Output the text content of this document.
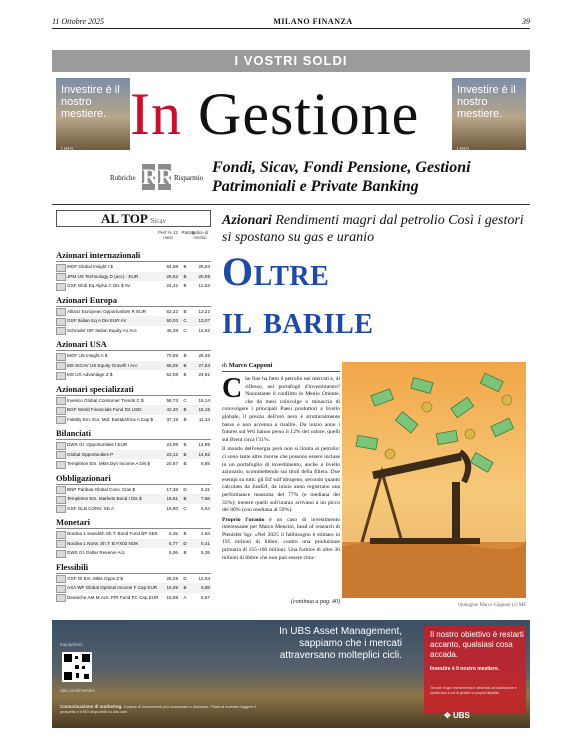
11 Ottobre 2025	MILANO FINANZA	39
I VOSTRI SOLDI
Investire è il nostro mestiere.
UBS
Investire è il nostro mestiere.
UBS
In Gestione
Rubriche R R Risparmio
Fondi, Sicav, Fondi Pensione, Gestioni Patrimoniali e Private Banking
AL TOP Sicav
Perf % 12 mesi
Rating
Indice di rischio
Azionari internazionali
MGF Global Insight I $	64,98	B	26,63
JPM US Technology D (acc) - EUR	26,62	B	20,59
GSF Glob Eq Alpha C Dis $ AV	24,42	B	12,62
Azionari Europa
Allianz European Opportunities R EUR	62,22	B	12,22
GSF Italian Eq A Dis EUR AV	50,03	C	13,07
Schroder ISF Italian Equity A1 Acc	45,38	C	12,62
Azionari USA
MGF US Insight A $	70,89	B	28,45
MS SICAV US Equity Growth I Acc	66,05	B	27,63
MS US Advantage Z $	52,08	B	24,81
Azionari specializzati
Invesco Global Consumer Trends C $	58,73	C	19,14
BGF World Financials Fund D2 USD	42,20	B	15,15
Fidelity Em. Eur. Mid. East&Africa A Cap $	37,19	B	11,34
Bilanciati
DWS Gr. Opportunities I EUR	23,99	B	14,85
Global Opportunities P	23,12	B	14,82
Templeton Em. Mkts Dyn Income A Dis $	20,67	B	8,85
Obbligazionari
BNP Paribas Global Conv. Clas $	17,38	D	5,31
Templeton Em. Markets Bond I Dis $	16,81	B	7,66
GSF GLB CONV. SD A	16,80	C	5,54
Monetari
Nordea 1 Swedish Sh.T. Bond Fund BP SEK	6,45	B	4,84
Nordea 1 Norw. Sh.T. B FX02 NOK	5,77	D	0,41
DWS Gl. Dollar Reserve Acc	5,06	B	5,35
Flessibili
GSF Gl Em. Mkts Opps Z $	25,29	D	12,54
AXA WF Global Optimal Income F Cap EUR	16,05	B	6,98
Deutsche AM M.Acs. P/R Fund FC Cap EUR	15,68	A	5,67
Azionari Rendimenti magri dal petrolio Così i gestori si spostano su gas e uranio
Oltre
il barile
di Marco Capponi

Che fine ha fatto il petrolio nei mercati e, di riflesso, nei portafogli d'investimento? Nonostante il conflitto in Medio Oriente, che da mesi coinvolge o minaccia di coinvolgere i principali Paesi produttori a livello globale, il prezzo dell'oro nero è strutturalmente basso e non accenna a risalire. Da inizio anno i futures sul Wti hanno perso il 12% del valore, quelli sul Brent circa l'11%.

Il mondo dell'energia però non si limita al petrolio: ci sono tante altre risorse che possono essere incluse in un portafoglio di investimento, anche a livello azionario, scommettendo sui titoli della filiera. Due esempi su tutti: gli Etf sull'idrogeno, secondo quanto calcolato da JustEtf, da inizio anno registrano una performance massima del 77% (e mediana del 33%); mentre quelli sull'uranio arrivano a un picco del 80% (con mediana al 59%).

Proprio l'uranio è un caso di investimento interessante per Marco Mencini, head of research di Plenisfer Sgr. «Nel 2025 il fabbisogno è stimato in 195 milioni di libbre, contro una produzione primaria di 155-160 milioni. Una forbice di oltre 30 milioni di libbre che non può essere chiu-

(continua a pag. 40)
Immagine Marco Capponi (c) MF
Inquadrami
ubs.com/investire
In UBS Asset Management, sappiamo che i mercati attraversano molteplici cicli.
Il nostro obiettivo è restarti accanto, qualsiasi cosa accada.
Investire è il nostro mestiere.
Trovate d'ogni investimento è destinato all'oscillazione e spetta solo a voi di gestire la propria liquidità
✥ UBS
Comunicazione di marketing. Il valore di investimenti può aumentare o diminuire. Prima di investire leggere il prospetto e il KID disponibili su ubs.com
